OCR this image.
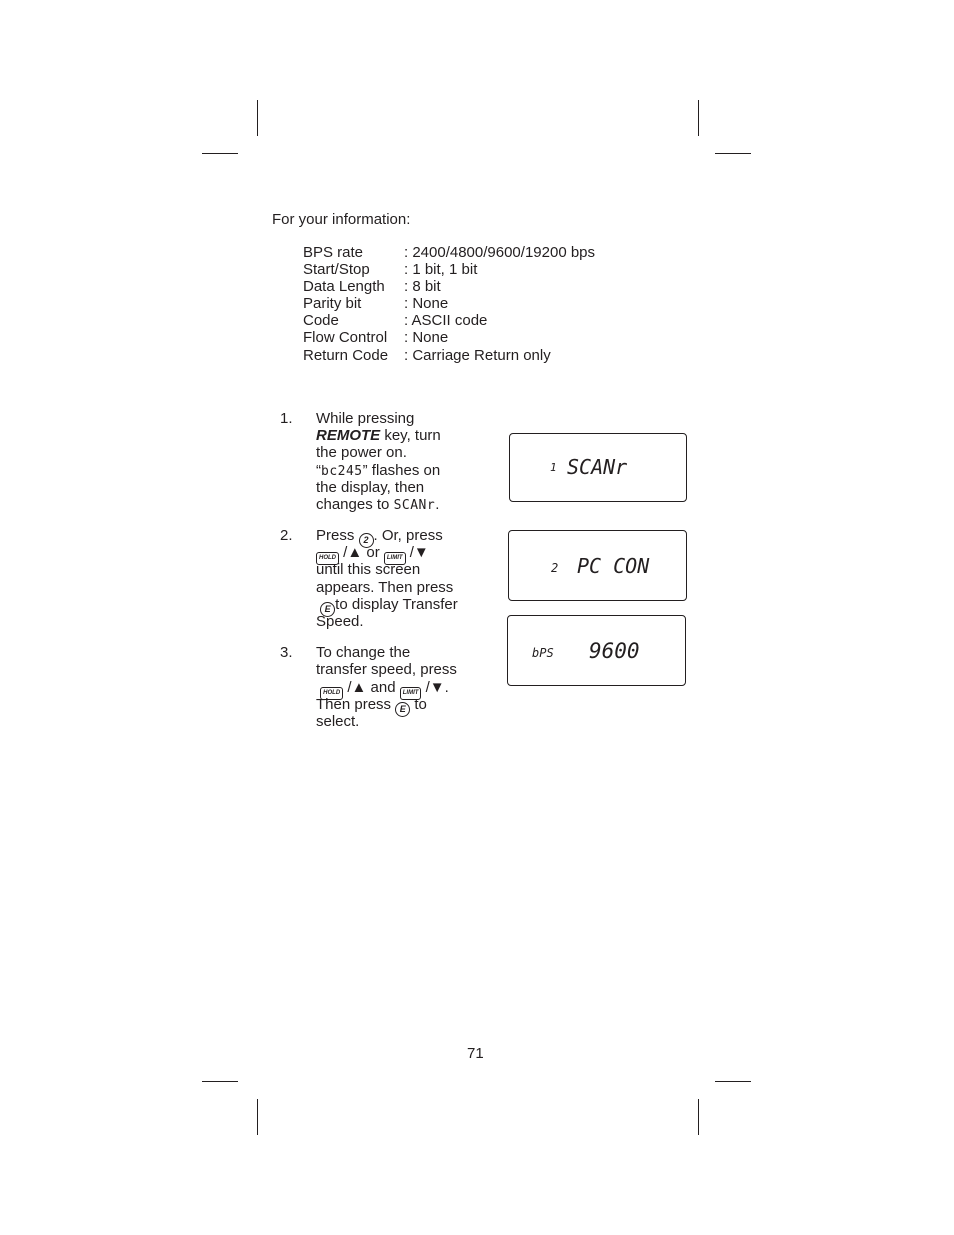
For your information:
BPS rate	: 2400/4800/9600/19200 bps
Start/Stop : 1 bit, 1 bit
Data Length : 8 bit
Parity bit	: None
Code	: ASCII code
Flow Control : None
Return Code : Carriage Return only
1. While pressing
REMOTE key, turn
the power on.
“bc245” flashes on
the display, then
changes to SCANr.
2. Press 2 . Or, press
HOLD /▲ or LIMIT /▼
until this screen
appears. Then press
E to display Transfer
Speed.
3. To change the
transfer speed, press
HOLD /▲ and LIMIT /▼.
Then press E to
select.
1 SCANr
2 PC CON
bPS 9600
71
